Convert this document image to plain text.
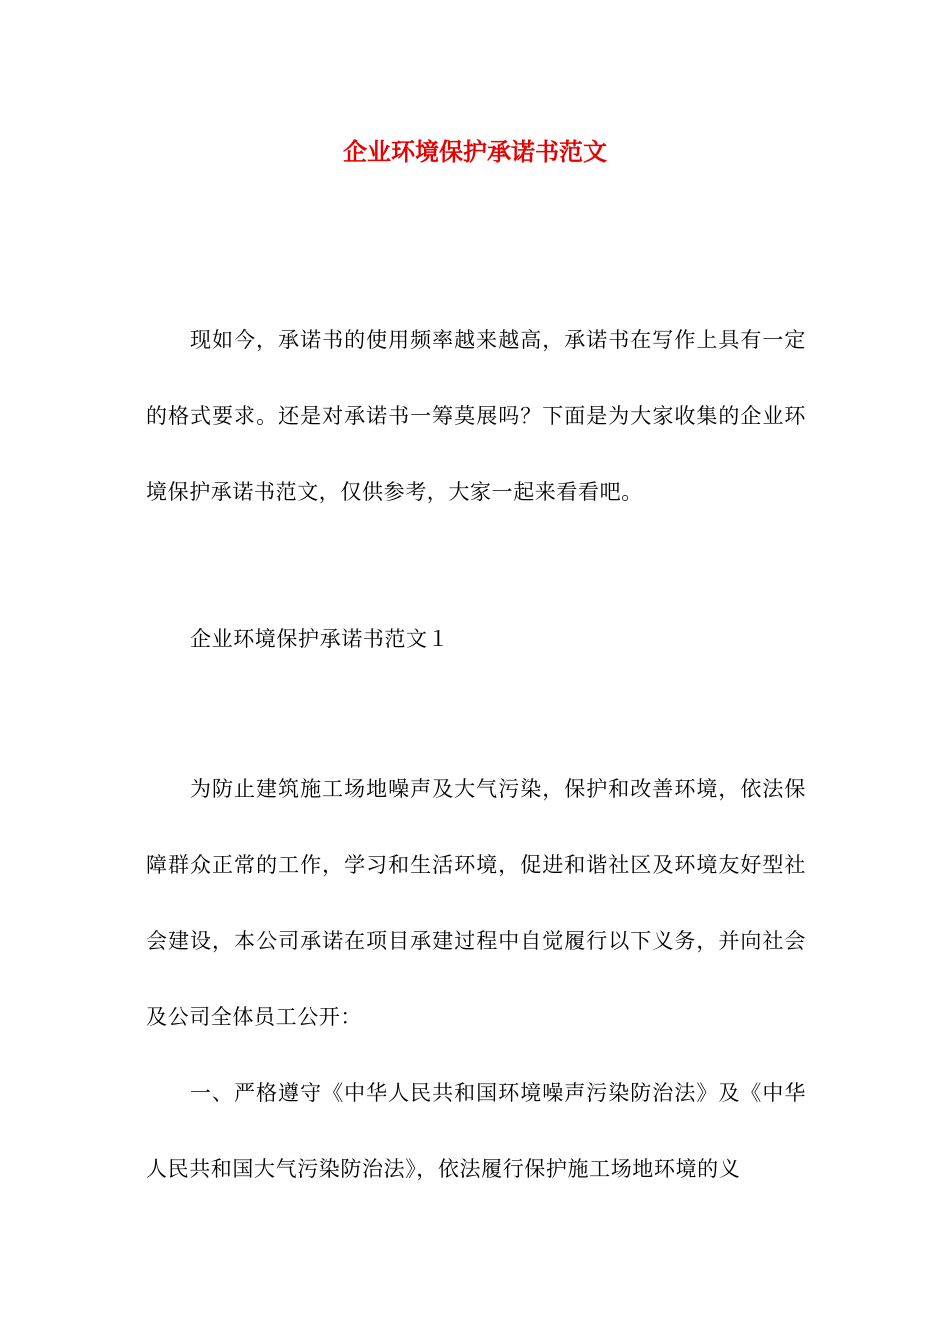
企业环境保护承诺书范文

现如今，承诺书的使用频率越来越高，承诺书在写作上具有一定的格式要求。还是对承诺书一筹莫展吗？下面是为大家收集的企业环境保护承诺书范文，仅供参考，大家一起来看看吧。

企业环境保护承诺书范文１

为防止建筑施工场地噪声及大气污染，保护和改善环境，依法保障群众正常的工作，学习和生活环境，促进和谐社区及环境友好型社会建设，本公司承诺在项目承建过程中自觉履行以下义务，并向社会及公司全体员工公开：

一、严格遵守《中华人民共和国环境噪声污染防治法》及《中华人民共和国大气污染防治法》，依法履行保护施工场地环境的义
